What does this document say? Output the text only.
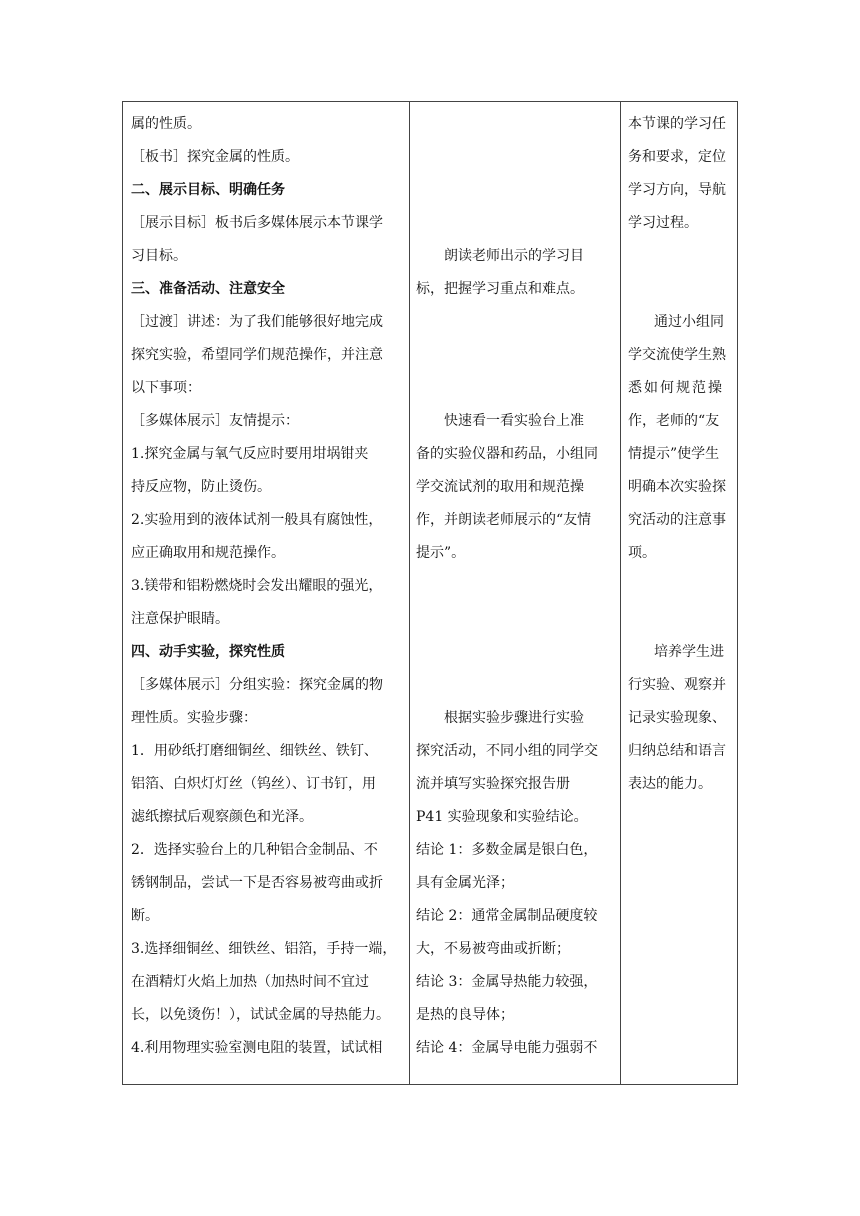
属的性质。
［板书］探究金属的性质。
二、展示目标、明确任务
［展示目标］板书后多媒体展示本节课学
习目标。
三、准备活动、注意安全
［过渡］讲述：为了我们能够很好地完成
探究实验，希望同学们规范操作，并注意
以下事项：
［多媒体展示］友情提示：
1.探究金属与氧气反应时要用坩埚钳夹
持反应物，防止烫伤。
2.实验用到的液体试剂一般具有腐蚀性，
应正确取用和规范操作。
3.镁带和铝粉燃烧时会发出耀眼的强光，
注意保护眼睛。
四、动手实验，探究性质
［多媒体展示］分组实验：探究金属的物
理性质。实验步骤：
1．用砂纸打磨细铜丝、细铁丝、铁钉、
铝箔、白炽灯灯丝（钨丝）、订书钉，用
滤纸擦拭后观察颜色和光泽。
2．选择实验台上的几种铝合金制品、不
锈钢制品，尝试一下是否容易被弯曲或折
断。
3.选择细铜丝、细铁丝、铝箔，手持一端，
在酒精灯火焰上加热（加热时间不宜过
长，以免烫伤！），试试金属的导热能力。
4.利用物理实验室测电阻的装置，试试相
朗读老师出示的学习目
标，把握学习重点和难点。
快速看一看实验台上准
备的实验仪器和药品，小组同
学交流试剂的取用和规范操
作，并朗读老师展示的“友情
提示”。
根据实验步骤进行实验
探究活动，不同小组的同学交
流并填写实验探究报告册
P41 实验现象和实验结论。
结论 1：多数金属是银白色，
具有金属光泽；
结论 2：通常金属制品硬度较
大，不易被弯曲或折断；
结论 3：金属导热能力较强，
是热的良导体；
结论 4：金属导电能力强弱不
本节课的学习任
务和要求，定位
学习方向，导航
学习过程。
通过小组同
学交流使学生熟
悉如何规范操
作，老师的“友
情提示”使学生
明确本次实验探
究活动的注意事
项。
培养学生进
行实验、观察并
记录实验现象、
归纳总结和语言
表达的能力。
